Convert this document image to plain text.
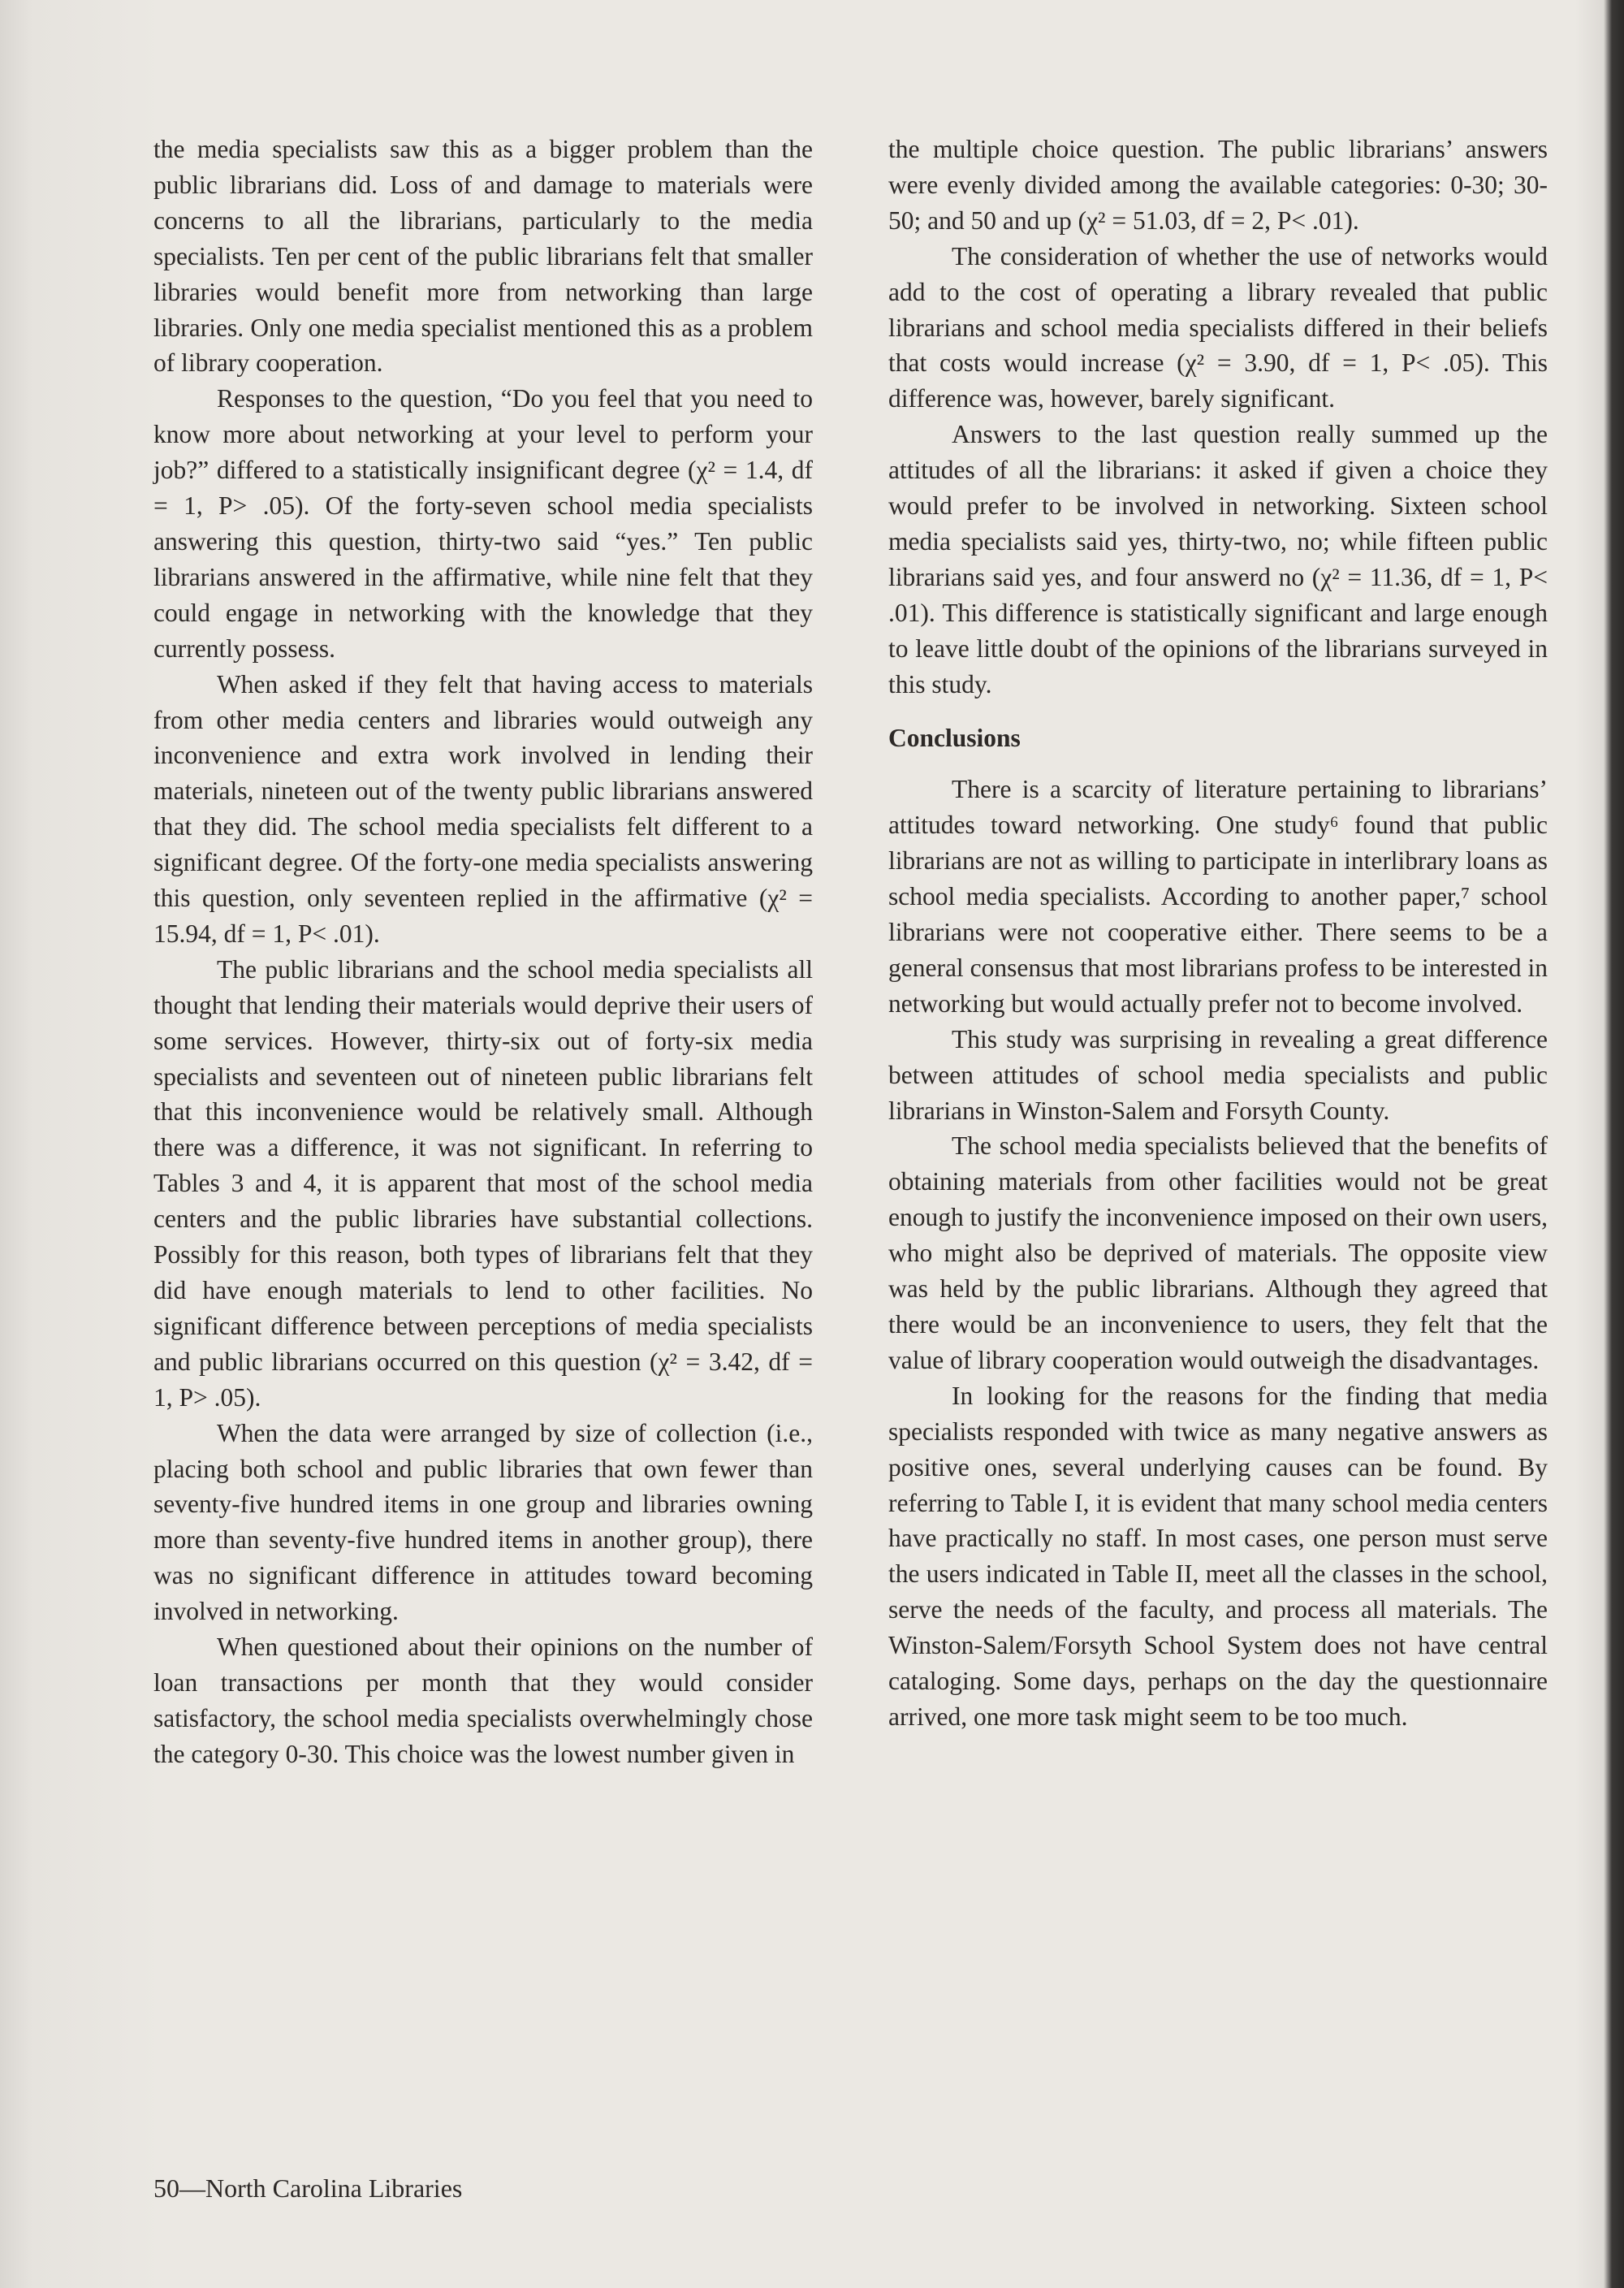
the media specialists saw this as a bigger problem than the public librarians did. Loss of and damage to materials were concerns to all the librarians, particularly to the media specialists. Ten per cent of the public librarians felt that smaller libraries would benefit more from networking than large libraries. Only one media specialist mentioned this as a problem of library cooperation.

Responses to the question, “Do you feel that you need to know more about networking at your level to perform your job?” differed to a statistically insignificant degree (χ² = 1.4, df = 1, P> .05). Of the forty-seven school media specialists answering this question, thirty-two said “yes.” Ten public librarians answered in the affirmative, while nine felt that they could engage in networking with the knowledge that they currently possess.

When asked if they felt that having access to materials from other media centers and libraries would outweigh any inconvenience and extra work involved in lending their materials, nineteen out of the twenty public librarians answered that they did. The school media specialists felt different to a significant degree. Of the forty-one media specialists answering this question, only seventeen replied in the affirmative (χ² = 15.94, df = 1, P< .01).

The public librarians and the school media specialists all thought that lending their materials would deprive their users of some services. However, thirty-six out of forty-six media specialists and seventeen out of nineteen public librarians felt that this inconvenience would be relatively small. Although there was a difference, it was not significant. In referring to Tables 3 and 4, it is apparent that most of the school media centers and the public libraries have substantial collections. Possibly for this reason, both types of librarians felt that they did have enough materials to lend to other facilities. No significant difference between perceptions of media specialists and public librarians occurred on this question (χ² = 3.42, df = 1, P> .05).

When the data were arranged by size of collection (i.e., placing both school and public libraries that own fewer than seventy-five hundred items in one group and libraries owning more than seventy-five hundred items in another group), there was no significant difference in attitudes toward becoming involved in networking.

When questioned about their opinions on the number of loan transactions per month that they would consider satisfactory, the school media specialists overwhelmingly chose the category 0-30. This choice was the lowest number given in

the multiple choice question. The public librarians’ answers were evenly divided among the available categories: 0-30; 30-50; and 50 and up (χ² = 51.03, df = 2, P< .01).

The consideration of whether the use of networks would add to the cost of operating a library revealed that public librarians and school media specialists differed in their beliefs that costs would increase (χ² = 3.90, df = 1, P< .05). This difference was, however, barely significant.

Answers to the last question really summed up the attitudes of all the librarians: it asked if given a choice they would prefer to be involved in networking. Sixteen school media specialists said yes, thirty-two, no; while fifteen public librarians said yes, and four answerd no (χ² = 11.36, df = 1, P< .01). This difference is statistically significant and large enough to leave little doubt of the opinions of the librarians surveyed in this study.

Conclusions

There is a scarcity of literature pertaining to librarians’ attitudes toward networking. One study⁶ found that public librarians are not as willing to participate in interlibrary loans as school media specialists. According to another paper,⁷ school librarians were not cooperative either. There seems to be a general consensus that most librarians profess to be interested in networking but would actually prefer not to become involved.

This study was surprising in revealing a great difference between attitudes of school media specialists and public librarians in Winston-Salem and Forsyth County.

The school media specialists believed that the benefits of obtaining materials from other facilities would not be great enough to justify the inconvenience imposed on their own users, who might also be deprived of materials. The opposite view was held by the public librarians. Although they agreed that there would be an inconvenience to users, they felt that the value of library cooperation would outweigh the disadvantages.

In looking for the reasons for the finding that media specialists responded with twice as many negative answers as positive ones, several underlying causes can be found. By referring to Table I, it is evident that many school media centers have practically no staff. In most cases, one person must serve the users indicated in Table II, meet all the classes in the school, serve the needs of the faculty, and process all materials. The Winston-Salem/Forsyth School System does not have central cataloging. Some days, perhaps on the day the questionnaire arrived, one more task might seem to be too much.

50—North Carolina Libraries
